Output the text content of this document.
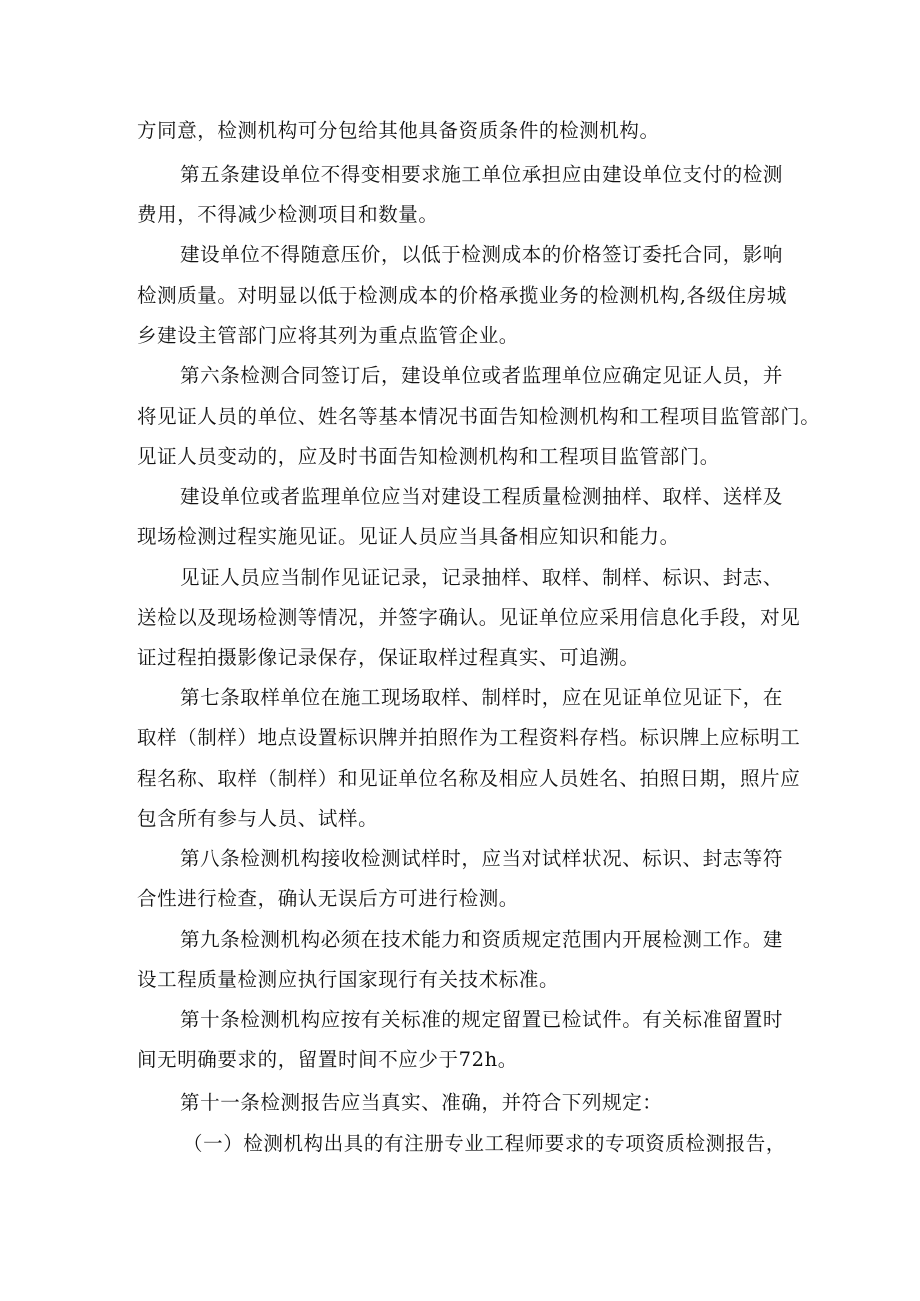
方同意，检测机构可分包给其他具备资质条件的检测机构。
第五条建设单位不得变相要求施工单位承担应由建设单位支付的检测
费用，不得减少检测项目和数量。
建设单位不得随意压价，以低于检测成本的价格签订委托合同，影响
检测质量。对明显以低于检测成本的价格承揽业务的检测机构,各级住房城
乡建设主管部门应将其列为重点监管企业。
第六条检测合同签订后，建设单位或者监理单位应确定见证人员，并
将见证人员的单位、姓名等基本情况书面告知检测机构和工程项目监管部门。
见证人员变动的，应及时书面告知检测机构和工程项目监管部门。
建设单位或者监理单位应当对建设工程质量检测抽样、取样、送样及
现场检测过程实施见证。见证人员应当具备相应知识和能力。
见证人员应当制作见证记录，记录抽样、取样、制样、标识、封志、
送检以及现场检测等情况，并签字确认。见证单位应采用信息化手段，对见
证过程拍摄影像记录保存，保证取样过程真实、可追溯。
第七条取样单位在施工现场取样、制样时，应在见证单位见证下，在
取样（制样）地点设置标识牌并拍照作为工程资料存档。标识牌上应标明工
程名称、取样（制样）和见证单位名称及相应人员姓名、拍照日期，照片应
包含所有参与人员、试样。
第八条检测机构接收检测试样时，应当对试样状况、标识、封志等符
合性进行检查，确认无误后方可进行检测。
第九条检测机构必须在技术能力和资质规定范围内开展检测工作。建
设工程质量检测应执行国家现行有关技术标准。
第十条检测机构应按有关标准的规定留置已检试件。有关标准留置时
间无明确要求的，留置时间不应少于72h。
第十一条检测报告应当真实、准确，并符合下列规定：
（一）检测机构出具的有注册专业工程师要求的专项资质检测报告，
